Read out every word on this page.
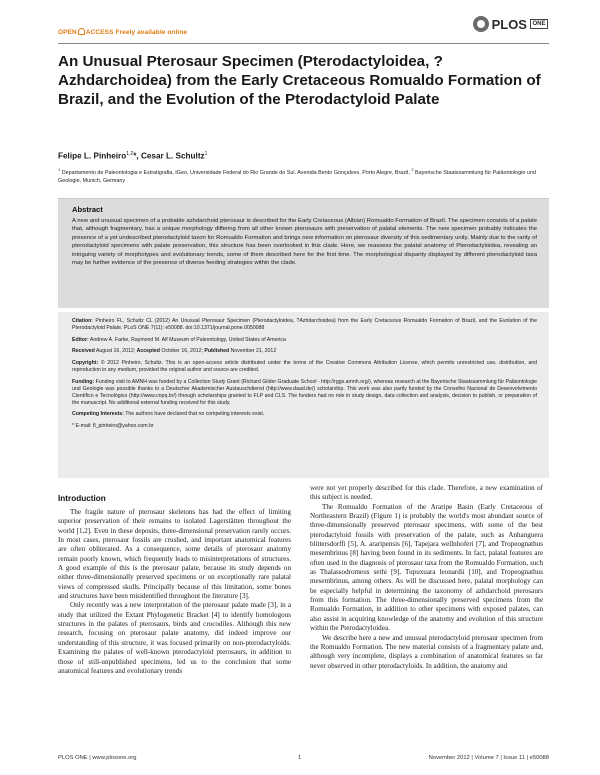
OPEN ACCESS Freely available online
PLOS ONE
An Unusual Pterosaur Specimen (Pterodactyloidea, ?Azhdarchoidea) from the Early Cretaceous Romualdo Formation of Brazil, and the Evolution of the Pterodactyloid Palate
Felipe L. Pinheiro$^{1,2}$*, Cesar L. Schultz$^1$
$^1$ Departamento de Paleontologia e Estratigrafia, IGeo, Universidade Federal do Rio Grande do Sul. Avenida Bento Gonçalves, Porto Alegre, Brazil, $^2$ Bayerische Staatssammlung für Paläontologie und Geologie, Munich, Germany
Abstract

A new and unusual specimen of a probable azhdarchoid pterosaur is described for the Early Cretaceous (Albian) Romualdo Formation of Brazil. The specimen consists of a palate that, although fragmentary, has a unique morphology differing from all other known pterosaurs with preservation of palatal elements. The new specimen probably indicates the presence of a yet undescribed pterodactyloid taxon for Romualdo Formation and brings new information on pterosaur diversity of this sedimentary unity. Mainly due to the rarity of pterodactyloid specimens with palate preservation, this structure has been overlooked in this clade. Here, we reassess the palatal anatomy of Pterodactyloidea, revealing an intriguing variety of morphotypes and evolutionary trends, some of them described here for the first time. The morphological disparity displayed by different pterodactyloid taxa may be further evidence of the presence of diverse feeding strategies within the clade.

Citation: Pinheiro FL, Schultz CL (2012) An Unusual Pterosaur Specimen (Pterodactyloidea, ?Azhdarchoidea) from the Early Cretaceous Romualdo Formation of Brazil, and the Evolution of the Pterodactyloid Palate. PLoS ONE 7(11): e50088. doi:10.1371/journal.pone.0050088

Editor: Andrew A. Farke, Raymond M. Alf Museum of Paleontology, United States of America

Received August 16, 2012; Accepted October 16, 2012; Published November 21, 2012

Copyright: © 2012 Pinheiro, Schultz. This is an open-access article distributed under the terms of the Creative Commons Attribution License, which permits unrestricted use, distribution, and reproduction in any medium, provided the original author and source are credited.

Funding: Funding visit to AMNH was funded by a Collection Study Grant (Richard Gilder Graduate School - http://rggs.amnh.org/), whereas research at the Bayerische Staatssammlung für Paläontologie und Geologie was possible thanks to a Deutscher Akademischer Austauschdienst (http://www.daad.de/) scholarship. This work was also partly funded by the Conselho Nacional de Desenvolvimento Científico e Tecnológico (http://www.cnpq.br/) through scholarships granted to FLP and CLS. The funders had no role in study design, data collection and analysis, decision to publish, or preparation of the manuscript. No additional external funding received for this study.

Competing Interests: The authors have declared that no competing interests exist.

* E-mail: fl_pinheiro@yahoo.com.br

Introduction

The fragile nature of pterosaur skeletons has had the effect of limiting superior preservation of their remains to isolated Lagerstätten throughout the world [1,2]. Even in these deposits, three-dimensional preservation rarely occurs. In most cases, pterosaur fossils are crushed, and important anatomical features are often obliterated. As a consequence, some details of pterosaur anatomy remain poorly known, which frequently leads to misinterpretations of structures. A good example of this is the pterosaur palate, because its study depends on either three-dimensionally preserved specimens or on exceptionally rare palatal views of compressed skulls. Principally because of this limitation, some bones and structures have been misidentified throughout the literature [3].

Only recently was a new interpretation of the pterosaur palate made [3], in a study that utilized the Extant Phylogenetic Bracket [4] to identify homologous structures in the palates of pterosaurs, birds and crocodiles. Although this new research, focusing on pterosaur palate anatomy, did indeed improve our understanding of this structure, it was focused primarily on non-pterodactyloids. Examining the palates of well-known pterodactyloid pterosaurs, in addition to those of still-unpublished specimens, led us to the conclusion that some anatomical features and evolutionary trends

were not yet properly described for this clade. Therefore, a new examination of this subject is needed.

The Romualdo Formation of the Araripe Basin (Early Cretaceous of Northeastern Brazil) (Figure 1) is probably the world's most abundant source of three-dimensionally preserved pterosaur specimens, with some of the best pterodactyloid fossils with preservation of the palate, such as Anhanguera blittersdorffi [5], A. araripensis [6], Tapejara wellnhoferi [7], and Tropeognathus mesembrinus [8] having been found in its sediments. In fact, palatal features are often used in the diagnosis of pterosaur taxa from the Romualdo Formation, such as Thalassodromeus sethi [9], Tupuxuara leonardii [10], and Tropeognathus mesembrinus, among others. As will be discussed here, palatal morphology can be especially helpful in determining the taxonomy of azhdarchoid pterosaurs from this formation. The three-dimensionally preserved specimens from the Romualdo Formation, in addition to other specimens with exposed palates, can also assist in acquiring knowledge of the anatomy and evolution of this structure within the Pterodactyloidea.

We describe here a new and unusual pterodactyloid pterosaur specimen from the Romualdo Formation. The new material consists of a fragmentary palate and, although very incomplete, displays a combination of anatomical features so far never observed in other pterodactyloids. In addition, the anatomy and

PLOS ONE | www.plosone.org	1	November 2012 | Volume 7 | Issue 11 | e50088
